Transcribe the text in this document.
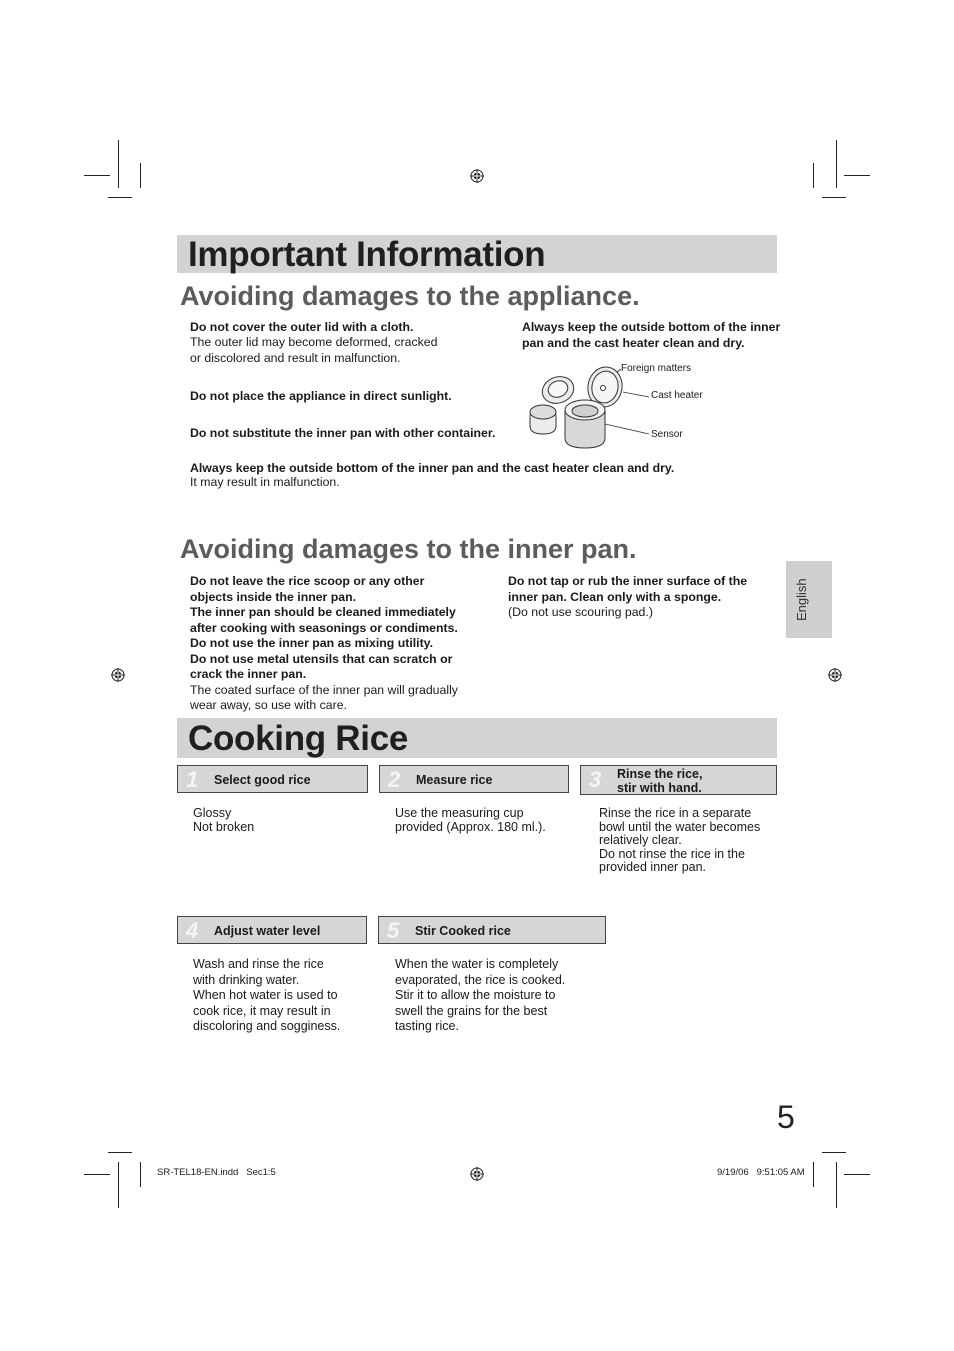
Important Information
Avoiding damages to the appliance.
Do not cover the outer lid with a cloth.
The outer lid may become deformed, cracked
or discolored and result in malfunction.
Do not place the appliance in direct sunlight.
Do not substitute the inner pan with other container.
Always keep the outside bottom of the inner pan and the cast heater clean and dry.
It may result in malfunction.
Always keep the outside bottom of the inner
pan and the cast heater clean and dry.
Foreign matters
Cast heater
Sensor
Avoiding damages to the inner pan.
Do not leave the rice scoop or any other
objects inside the inner pan.
The inner pan should be cleaned immediately
after cooking with seasonings or condiments.
Do not use the inner pan as mixing utility.
Do not use metal utensils that can scratch or
crack the inner pan.
The coated surface of the inner pan will gradually
wear away, so use with care.
Do not tap or rub the inner surface of the
inner pan. Clean only with a sponge.
(Do not use scouring pad.)	English
Cooking Rice
1 Select good rice	2 Measure rice	3 Rinse the rice,
stir with hand.
Glossy
Not broken
Use the measuring cup
provided (Approx. 180 ml.).
Rinse the rice in a separate
bowl until the water becomes
relatively clear.
Do not rinse the rice in the
provided inner pan.
4 Adjust water level	5 Stir Cooked rice
Wash and rinse the rice
with drinking water.
When hot water is used to
cook rice, it may result in
discoloring and sogginess.
When the water is completely
evaporated, the rice is cooked.
Stir it to allow the moisture to
swell the grains for the best
tasting rice.
5
SR-TEL18-EN.indd   Sec1:5	9/19/06   9:51:05 AM
